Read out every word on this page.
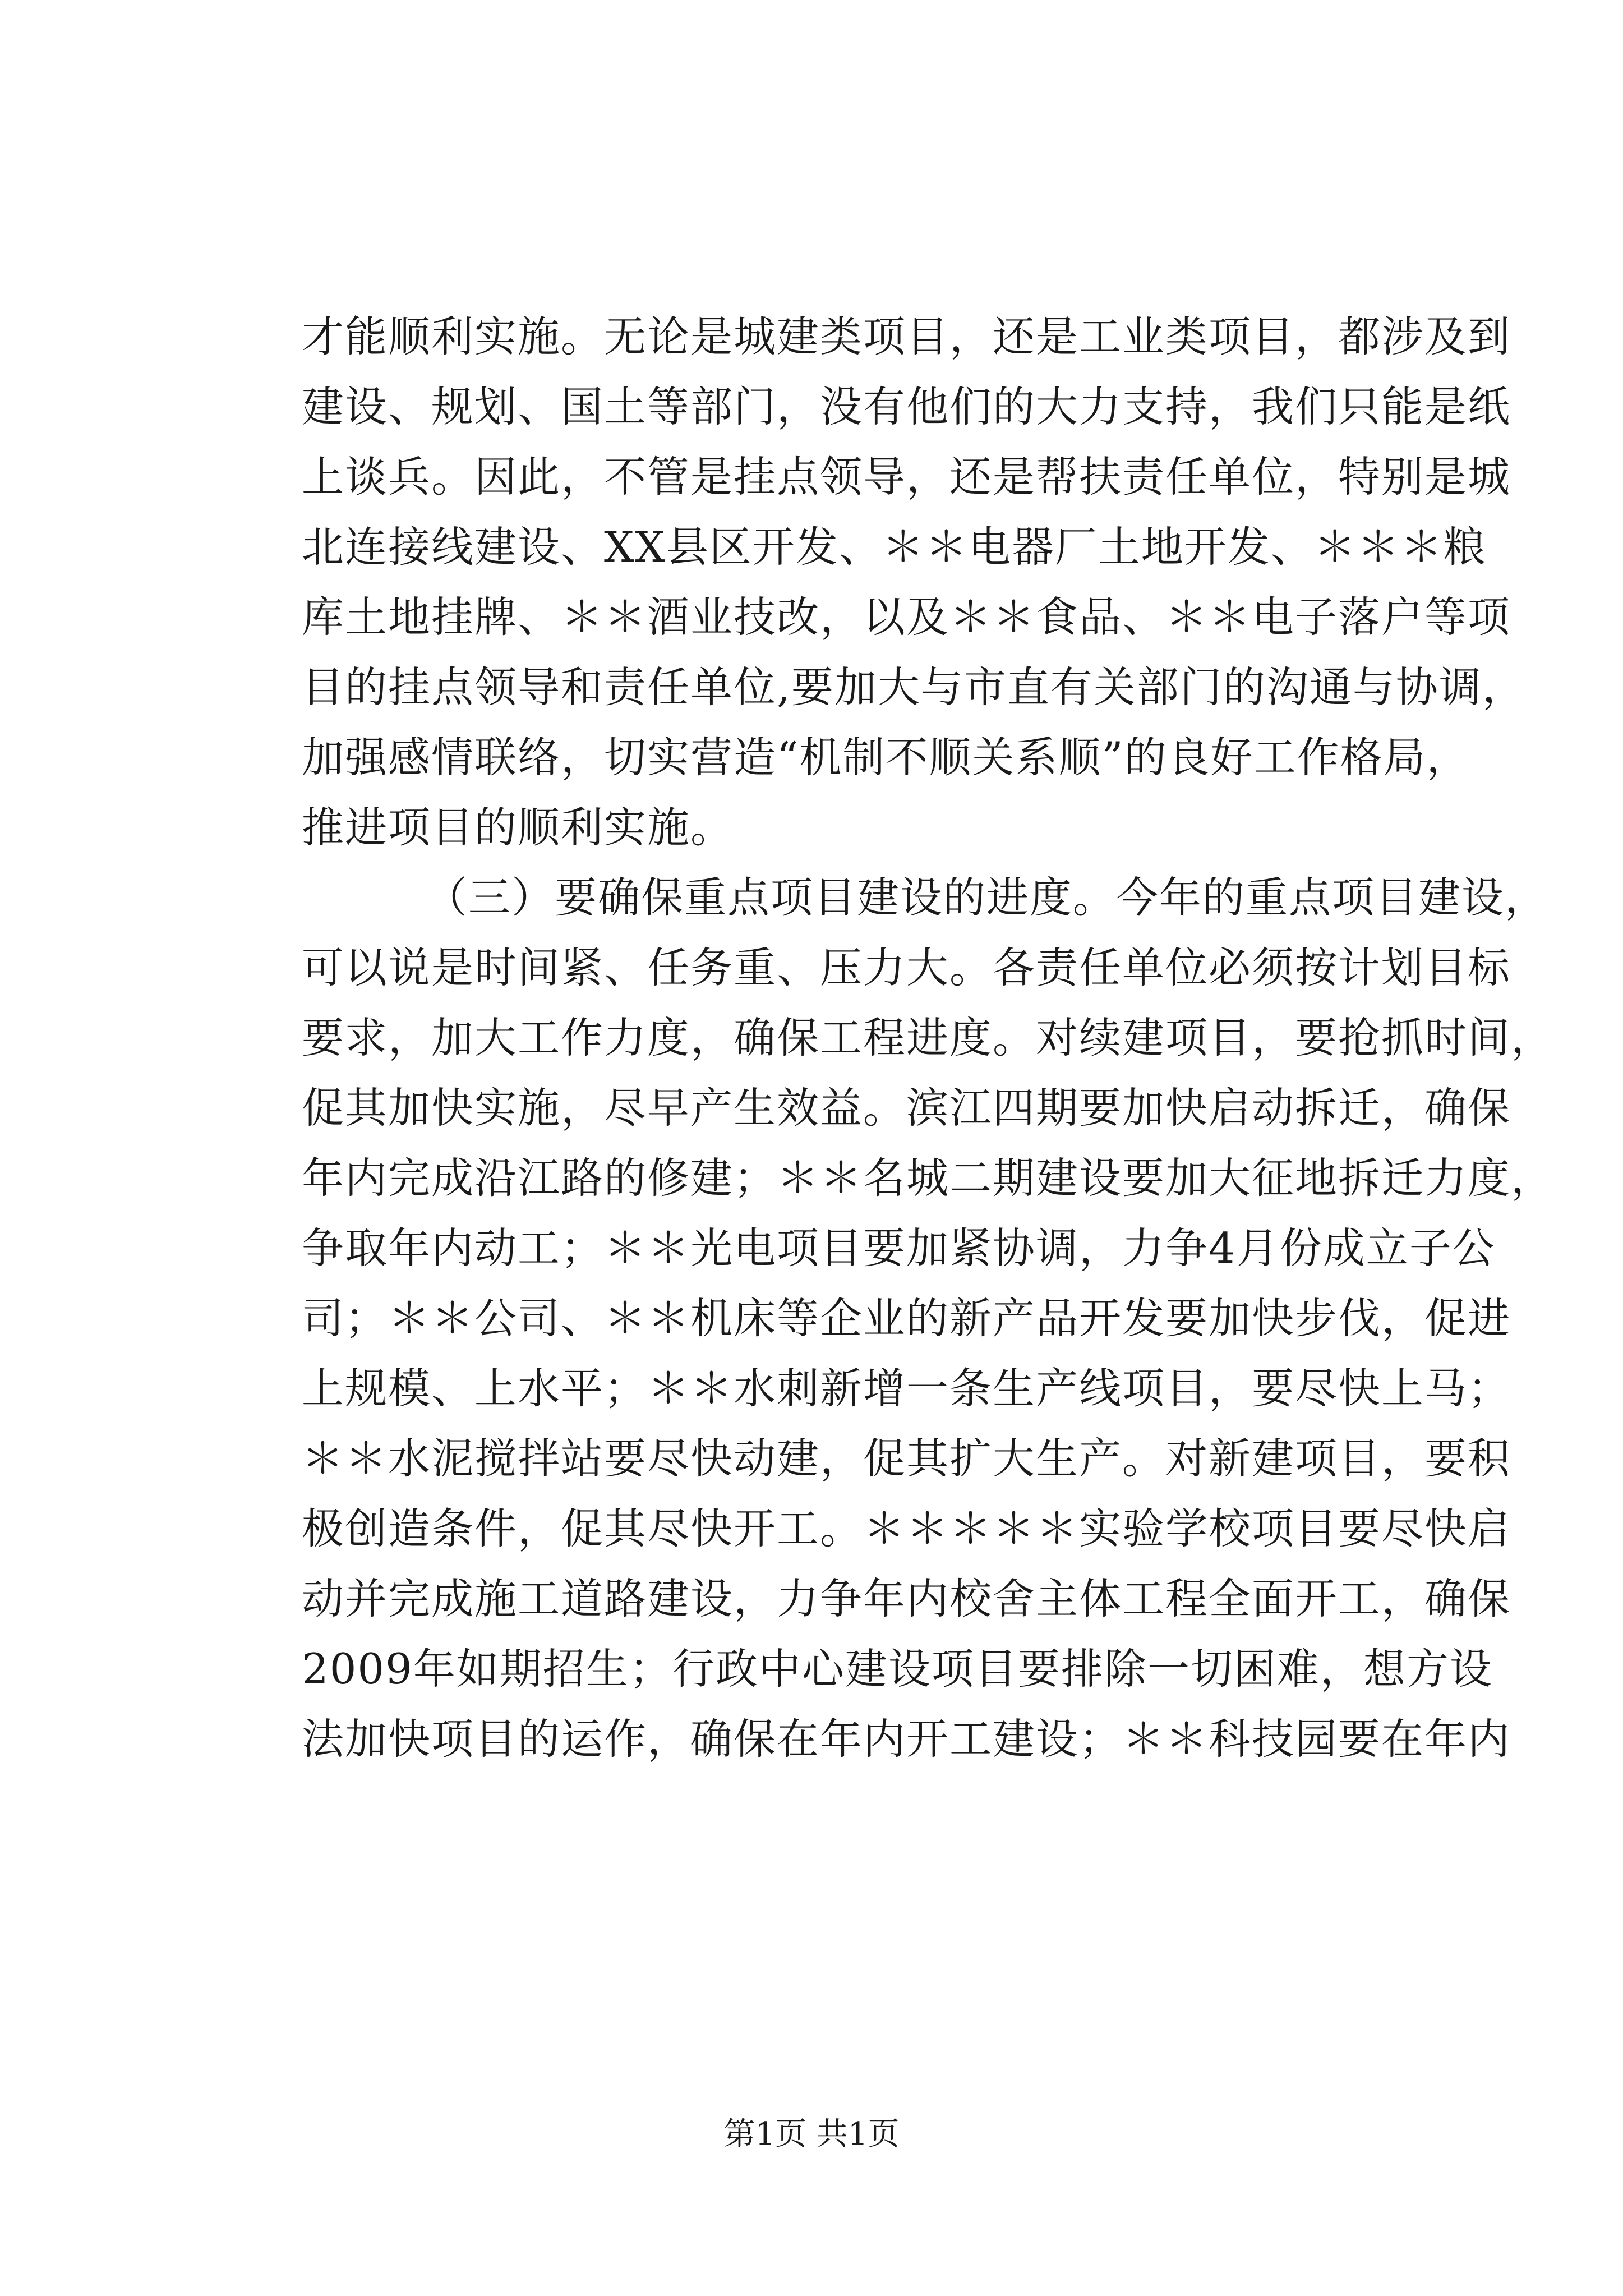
才能顺利实施。无论是城建类项目，还是工业类项目，都涉及到
建设、规划、国土等部门，没有他们的大力支持，我们只能是纸
上谈兵。因此，不管是挂点领导，还是帮扶责任单位，特别是城
北连接线建设、XX县区开发、＊＊电器厂土地开发、＊＊＊粮
库土地挂牌、＊＊酒业技改，以及＊＊食品、＊＊电子落户等项
目的挂点领导和责任单位,要加大与市直有关部门的沟通与协调，
加强感情联络，切实营造“机制不顺关系顺”的良好工作格局，
推进项目的顺利实施。
（三）要确保重点项目建设的进度。今年的重点项目建设，
可以说是时间紧、任务重、压力大。各责任单位必须按计划目标
要求，加大工作力度，确保工程进度。对续建项目，要抢抓时间，
促其加快实施，尽早产生效益。滨江四期要加快启动拆迁，确保
年内完成沿江路的修建；＊＊名城二期建设要加大征地拆迁力度，
争取年内动工；＊＊光电项目要加紧协调，力争4月份成立子公
司；＊＊公司、＊＊机床等企业的新产品开发要加快步伐，促进
上规模、上水平；＊＊水刺新增一条生产线项目，要尽快上马；
＊＊水泥搅拌站要尽快动建，促其扩大生产。对新建项目，要积
极创造条件，促其尽快开工。＊＊＊＊＊实验学校项目要尽快启
动并完成施工道路建设，力争年内校舍主体工程全面开工，确保
2009年如期招生；行政中心建设项目要排除一切困难，想方设
法加快项目的运作，确保在年内开工建设；＊＊科技园要在年内
第1页 共1页
